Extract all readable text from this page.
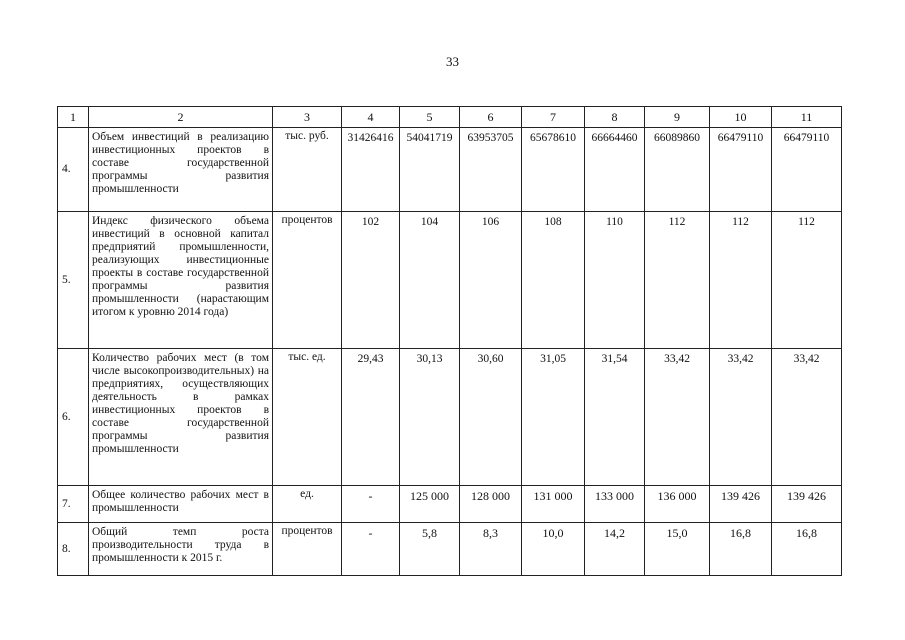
33
1	2	3	4	5	6	7	8	9	10	11
4.	Объем инвестиций в реализацию инвестиционных проектов в составе государственной программы развития промышленности	тыс. руб.	31426416	54041719	63953705	65678610	66664460	66089860	66479110	66479110
5.	Индекс физического объема инвестиций в основной капитал предприятий промышленности, реализующих инвестиционные проекты в составе государственной программы развития промышленности (нарастающим итогом к уровню 2014 года)	процентов	102	104	106	108	110	112	112	112
6.	Количество рабочих мест (в том числе высокопроизводительных) на предприятиях, осуществляющих деятельность в рамках инвестиционных проектов в составе государственной программы развития промышленности	тыс. ед.	29,43	30,13	30,60	31,05	31,54	33,42	33,42	33,42
7.	Общее количество рабочих мест в промышленности	ед.	-	125 000	128 000	131 000	133 000	136 000	139 426	139 426
8.	Общий темп роста производительности труда в промышленности к 2015 г.	процентов	-	5,8	8,3	10,0	14,2	15,0	16,8	16,8
